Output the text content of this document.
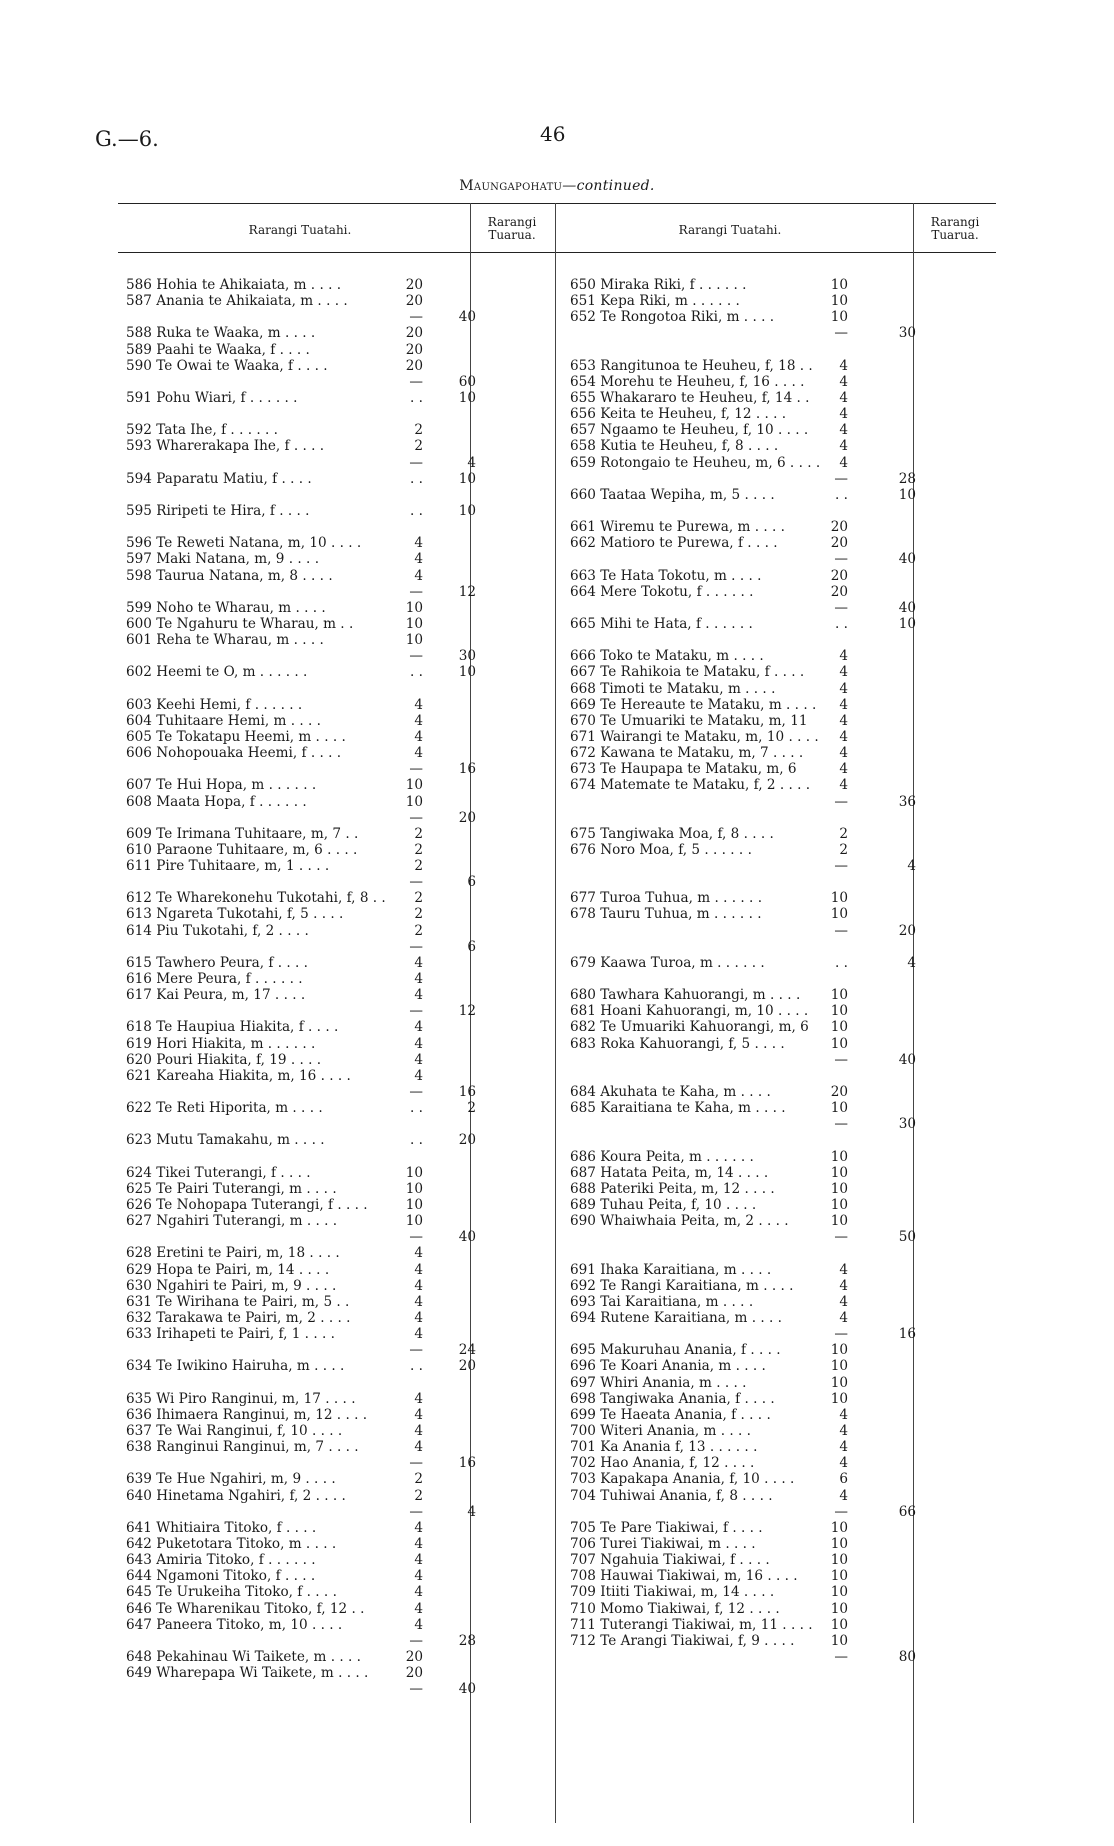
G.—6.	46
Maungapohatu—continued.
Rarangi Tuatahi.
Rarangi
Tuarua.	Rarangi Tuatahi.
Rarangi
Tuarua.
586 Hohia te Ahikaiata, m . . . .	20
587 Anania te Ahikaiata, m . . . .	20
—	40
588 Ruka te Waaka, m . . . .	20
589 Paahi te Waaka, f . . . .	20
590 Te Owai te Waaka, f . . . .	20
—	60
591 Pohu Wiari, f . . . . . .	. .	10
592 Tata Ihe, f . . . . . .	2
593 Wharerakapa Ihe, f . . . .	2
—	4
594 Paparatu Matiu, f . . . .	. .	10
595 Riripeti te Hira, f . . . .	. .	10
596 Te Reweti Natana, m, 10 . . . .	4
597 Maki Natana, m, 9 . . . .	4
598 Taurua Natana, m, 8 . . . .	4
—	12
599 Noho te Wharau, m . . . .	10
600 Te Ngahuru te Wharau, m . .	10
601 Reha te Wharau, m . . . .	10
—	30
602 Heemi te O, m . . . . . .	. .	10
603 Keehi Hemi, f . . . . . .	4
604 Tuhitaare Hemi, m . . . .	4
605 Te Tokatapu Heemi, m . . . .	4
606 Nohopouaka Heemi, f . . . .	4
—	16
607 Te Hui Hopa, m . . . . . .	10
608 Maata Hopa, f . . . . . .	10
—	20
609 Te Irimana Tuhitaare, m, 7 . .	2
610 Paraone Tuhitaare, m, 6 . . . .	2
611 Pire Tuhitaare, m, 1 . . . .	2
—	6
612 Te Wharekonehu Tukotahi, f, 8 . .	2
613 Ngareta Tukotahi, f, 5 . . . .	2
614 Piu Tukotahi, f, 2 . . . .	2
—	6
615 Tawhero Peura, f . . . .	4
616 Mere Peura, f . . . . . .	4
617 Kai Peura, m, 17 . . . .	4
—	12
618 Te Haupiua Hiakita, f . . . .	4
619 Hori Hiakita, m . . . . . .	4
620 Pouri Hiakita, f, 19 . . . .	4
621 Kareaha Hiakita, m, 16 . . . .	4
—	16
622 Te Reti Hiporita, m . . . .	. .	2
623 Mutu Tamakahu, m . . . .	. .	20
624 Tikei Tuterangi, f . . . .	10
625 Te Pairi Tuterangi, m . . . .	10
626 Te Nohopapa Tuterangi, f . . . .	10
627 Ngahiri Tuterangi, m . . . .	10
—	40
628 Eretini te Pairi, m, 18 . . . .	4
629 Hopa te Pairi, m, 14 . . . .	4
630 Ngahiri te Pairi, m, 9 . . . .	4
631 Te Wirihana te Pairi, m, 5 . .	4
632 Tarakawa te Pairi, m, 2 . . . .	4
633 Irihapeti te Pairi, f, 1 . . . .	4
—	24
634 Te Iwikino Hairuha, m . . . .	. .	20
635 Wi Piro Ranginui, m, 17 . . . .	4
636 Ihimaera Ranginui, m, 12 . . . .	4
637 Te Wai Ranginui, f, 10 . . . .	4
638 Ranginui Ranginui, m, 7 . . . .	4
—	16
639 Te Hue Ngahiri, m, 9 . . . .	2
640 Hinetama Ngahiri, f, 2 . . . .	2
—	4
641 Whitiaira Titoko, f . . . .	4
642 Puketotara Titoko, m . . . .	4
643 Amiria Titoko, f . . . . . .	4
644 Ngamoni Titoko, f . . . .	4
645 Te Urukeiha Titoko, f . . . .	4
646 Te Wharenikau Titoko, f, 12 . .	4
647 Paneera Titoko, m, 10 . . . .	4
—	28
648 Pekahinau Wi Taikete, m . . . .	20
649 Wharepapa Wi Taikete, m . . . .	20
—	40
650 Miraka Riki, f . . . . . .	10
651 Kepa Riki, m . . . . . .	10
652 Te Rongotoa Riki, m . . . .	10
—	30
653 Rangitunoa te Heuheu, f, 18 . .	4
654 Morehu te Heuheu, f, 16 . . . .	4
655 Whakararo te Heuheu, f, 14 . .	4
656 Keita te Heuheu, f, 12 . . . .	4
657 Ngaamo te Heuheu, f, 10 . . . .	4
658 Kutia te Heuheu, f, 8 . . . .	4
659 Rotongaio te Heuheu, m, 6 . . . .	4
—	28
660 Taataa Wepiha, m, 5 . . . .	. .	10
661 Wiremu te Purewa, m . . . .	20
662 Matioro te Purewa, f . . . .	20
—	40
663 Te Hata Tokotu, m . . . .	20
664 Mere Tokotu, f . . . . . .	20
—	40
665 Mihi te Hata, f . . . . . .	. .	10
666 Toko te Mataku, m . . . .	4
667 Te Rahikoia te Mataku, f . . . .	4
668 Timoti te Mataku, m . . . .	4
669 Te Hereaute te Mataku, m . . . .	4
670 Te Umuariki te Mataku, m, 11	4
671 Wairangi te Mataku, m, 10 . . . .	4
672 Kawana te Mataku, m, 7 . . . .	4
673 Te Haupapa te Mataku, m, 6	4
674 Matemate te Mataku, f, 2 . . . .	4
—	36
675 Tangiwaka Moa, f, 8 . . . .	2
676 Noro Moa, f, 5 . . . . . .	2
—	4
677 Turoa Tuhua, m . . . . . .	10
678 Tauru Tuhua, m . . . . . .	10
—	20
679 Kaawa Turoa, m . . . . . .	. .	4
680 Tawhara Kahuorangi, m . . . .	10
681 Hoani Kahuorangi, m, 10 . . . .	10
682 Te Umuariki Kahuorangi, m, 6	10
683 Roka Kahuorangi, f, 5 . . . .	10
—	40
684 Akuhata te Kaha, m . . . .	20
685 Karaitiana te Kaha, m . . . .	10
—	30
686 Koura Peita, m . . . . . .	10
687 Hatata Peita, m, 14 . . . .	10
688 Pateriki Peita, m, 12 . . . .	10
689 Tuhau Peita, f, 10 . . . .	10
690 Whaiwhaia Peita, m, 2 . . . .	10
—	50
691 Ihaka Karaitiana, m . . . .	4
692 Te Rangi Karaitiana, m . . . .	4
693 Tai Karaitiana, m . . . .	4
694 Rutene Karaitiana, m . . . .	4
—	16
695 Makuruhau Anania, f . . . .	10
696 Te Koari Anania, m . . . .	10
697 Whiri Anania, m . . . .	10
698 Tangiwaka Anania, f . . . .	10
699 Te Haeata Anania, f . . . .	4
700 Witeri Anania, m . . . .	4
701 Ka Anania f, 13 . . . . . .	4
702 Hao Anania, f, 12 . . . .	4
703 Kapakapa Anania, f, 10 . . . .	6
704 Tuhiwai Anania, f, 8 . . . .	4
—	66
705 Te Pare Tiakiwai, f . . . .	10
706 Turei Tiakiwai, m . . . .	10
707 Ngahuia Tiakiwai, f . . . .	10
708 Hauwai Tiakiwai, m, 16 . . . .	10
709 Itiiti Tiakiwai, m, 14 . . . .	10
710 Momo Tiakiwai, f, 12 . . . .	10
711 Tuterangi Tiakiwai, m, 11 . . . .	10
712 Te Arangi Tiakiwai, f, 9 . . . .	10
—	80
